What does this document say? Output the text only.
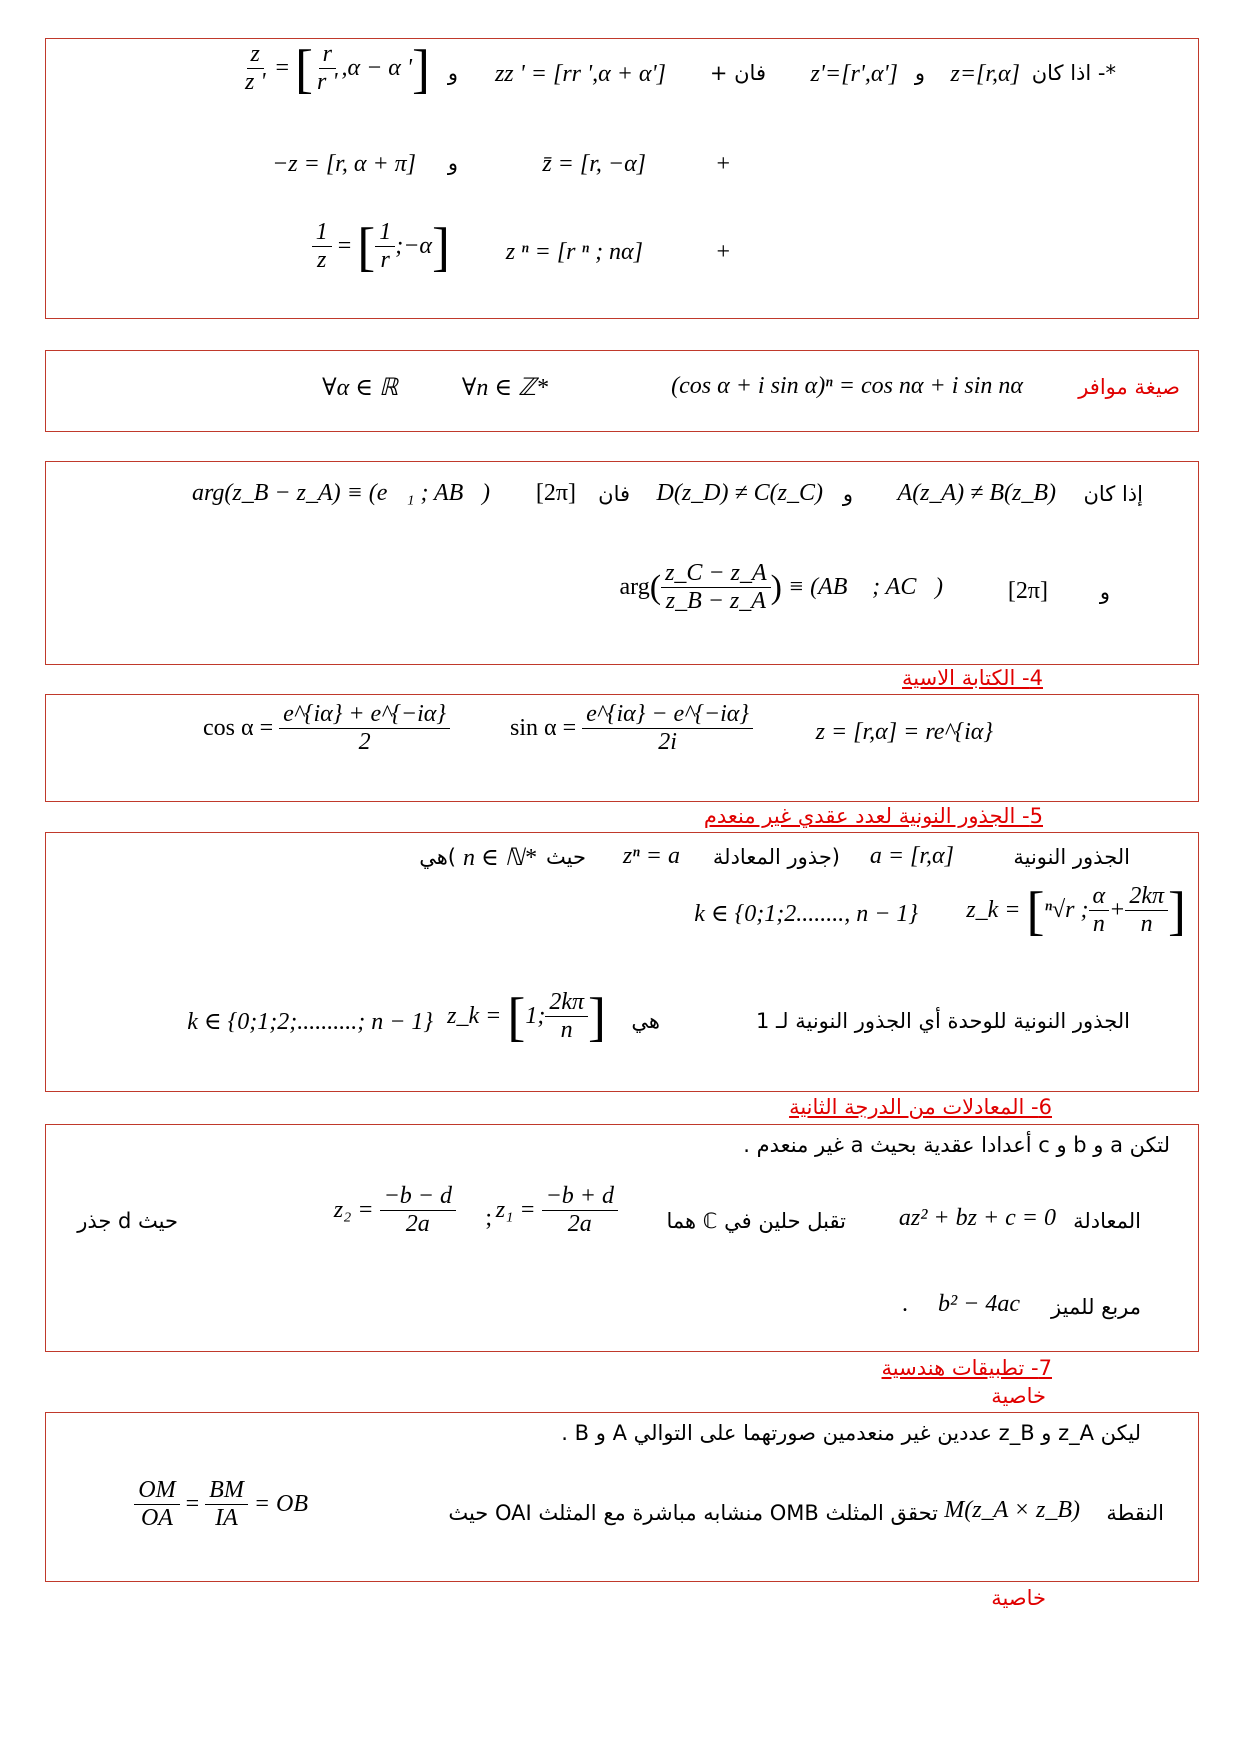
*- اذا كان
z=[r,α]
و
z'=[r',α']
فان +
zz ' = [rr ',α + α']
و
$\frac{z}{z '}$ = [ $\frac{r}{r '} ,\alpha - \alpha$ ' ]
+
z̄ = [r, −α]
و
−z = [r, α + π]
+
z ⁿ = [r ⁿ ; nα]
$\frac{1}{z}$ = [ $\frac{1}{r}$ ;−α ]
صيغة موافر
(cos α + i sin α)ⁿ = cos nα + i sin nα
∀n ∈ ℤ*
∀α ∈ ℝ
إذا كان
A(z_A) ≠ B(z_B)
و
D(z_D) ≠ C(z_C)
فان
[2π]
arg(z_B − z_A) ≡ (e⃗₁ ; AB⃗)
و
[2π]
arg ( $\frac{z\_C - z\_A}{z\_B - z\_A}$ )
≡ (AB⃗ ; AC⃗)
4- الكتابة الاسية
z = [r,α] = re^{iα}
sin α =
$\frac{e\^{}\{i\alpha\} - e\^{}\{-i\alpha\}}{2i}$
cos α =
$\frac{e\^{}\{i\alpha\} + e\^{}\{-i\alpha\}}{2}$
5- الجذور النونية لعدد عقدي غير منعدم
الجذور النونية
a = [r,α]
(جذور المعادلة
zⁿ = a
حيث
n ∈ ℕ*
)هي
z_k =
[ ⁿ√r ; $\frac{\alpha}{n} + \frac{2k\pi}{n}$ ]
k ∈ {0;1;2........, n − 1}
الجذور النونية للوحدة أي الجذور النونية لـ 1
هي
z_k =
[ 1; $\frac{2k\pi}{n}$ ]
k ∈ {0;1;2;..........; n − 1}
6- المعادلات من الدرجة الثانية
لتكن a و b و c أعدادا عقدية بحيث a غير منعدم .
المعادلة
az² + bz + c = 0
تقبل حلين في ℂ هما
z₁ =
$\frac{-b + d}{2a}$
;
z₂ =
$\frac{-b - d}{2a}$
حيث d جذر
مربع للميز
b² − 4ac
.
7- تطبيقات هندسية
خاصية
ليكن z_A و z_B عددين غير منعدمين صورتهما على التوالي A و B .
النقطة
M(z_A × z_B)
تحقق المثلث OMB منشابه مباشرة مع المثلث OAI حيث
$\frac{OM}{OA}$
=
$\frac{BM}{IA}$
= OB
خاصية
